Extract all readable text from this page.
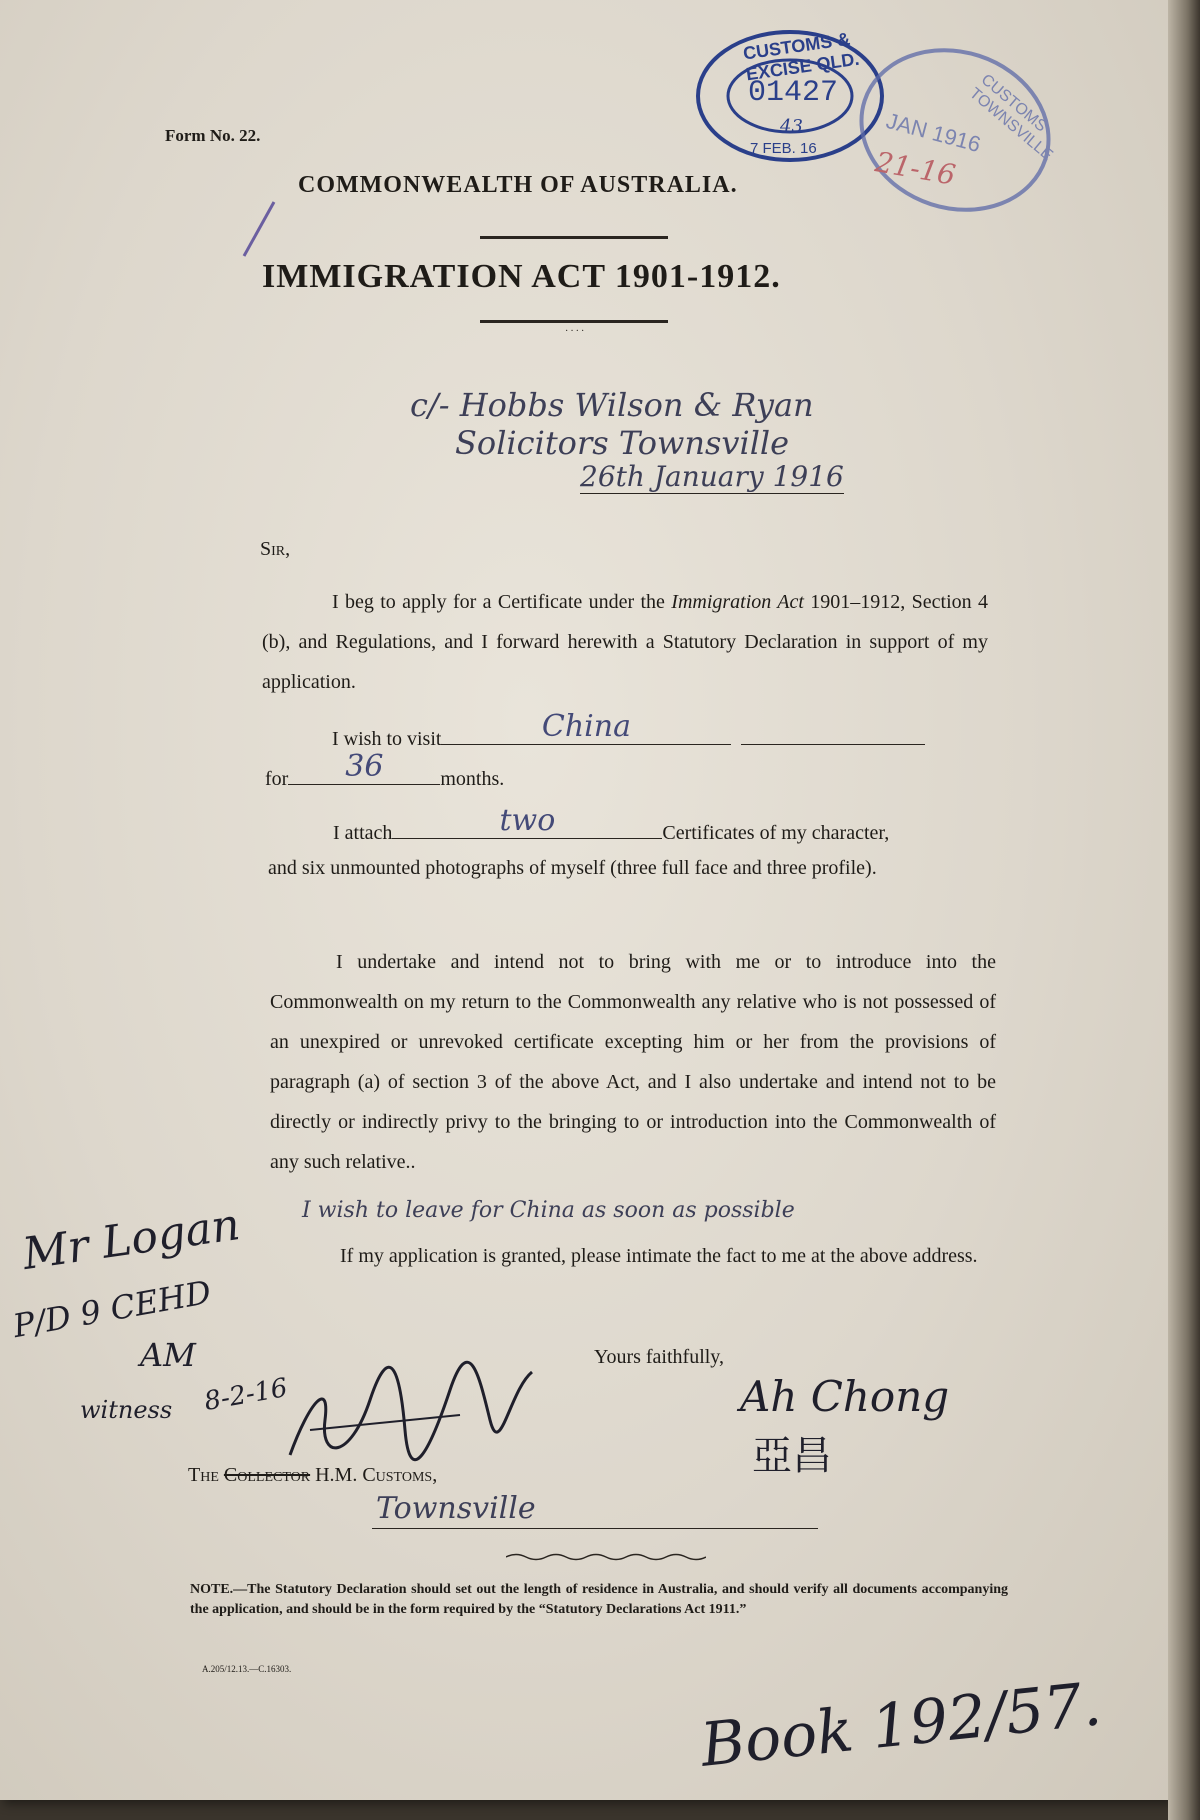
Form No. 22.
CUSTOMS & EXCISE QLD.
01427
43
7 FEB. 16
CUSTOMS TOWNSVILLE
JAN 1916
21-16
COMMONWEALTH OF AUSTRALIA.
IMMIGRATION ACT 1901-1912.
····
c/- Hobbs Wilson & Ryan
Solicitors Townsville
26th January 1916
Sir,
I beg to apply for a Certificate under the Immigration Act 1901–1912, Section 4 (b), and Regulations, and I forward herewith a Statutory Declaration in support of my application.
I wish to visit	China
for	36	months.
I attach	two	Certificates of my character,
and six unmounted photographs of myself (three full face and three profile).
I undertake and intend not to bring with me or to introduce into the Commonwealth on my return to the Commonwealth any relative who is not possessed of an unexpired or unrevoked certificate excepting him or her from the provisions of paragraph (a) of section 3 of the above Act, and I also undertake and intend not to be directly or indirectly privy to the bringing to or introduction into the Commonwealth of any such relative..
I wish to leave for China as soon as possible
If my application is granted, please intimate the fact to me at the above address.
Yours faithfully,
Ah Chong
亞昌
Mr Logan
P/D 9 CEHD
AM
witness 8-2-16
The Collector H.M. Customs,
Townsville
NOTE.—The Statutory Declaration should set out the length of residence in Australia, and should verify all documents accompanying the application, and should be in the form required by the “Statutory Declarations Act 1911.”
A.205/12.13.—C.16303.
Book 192/57.
